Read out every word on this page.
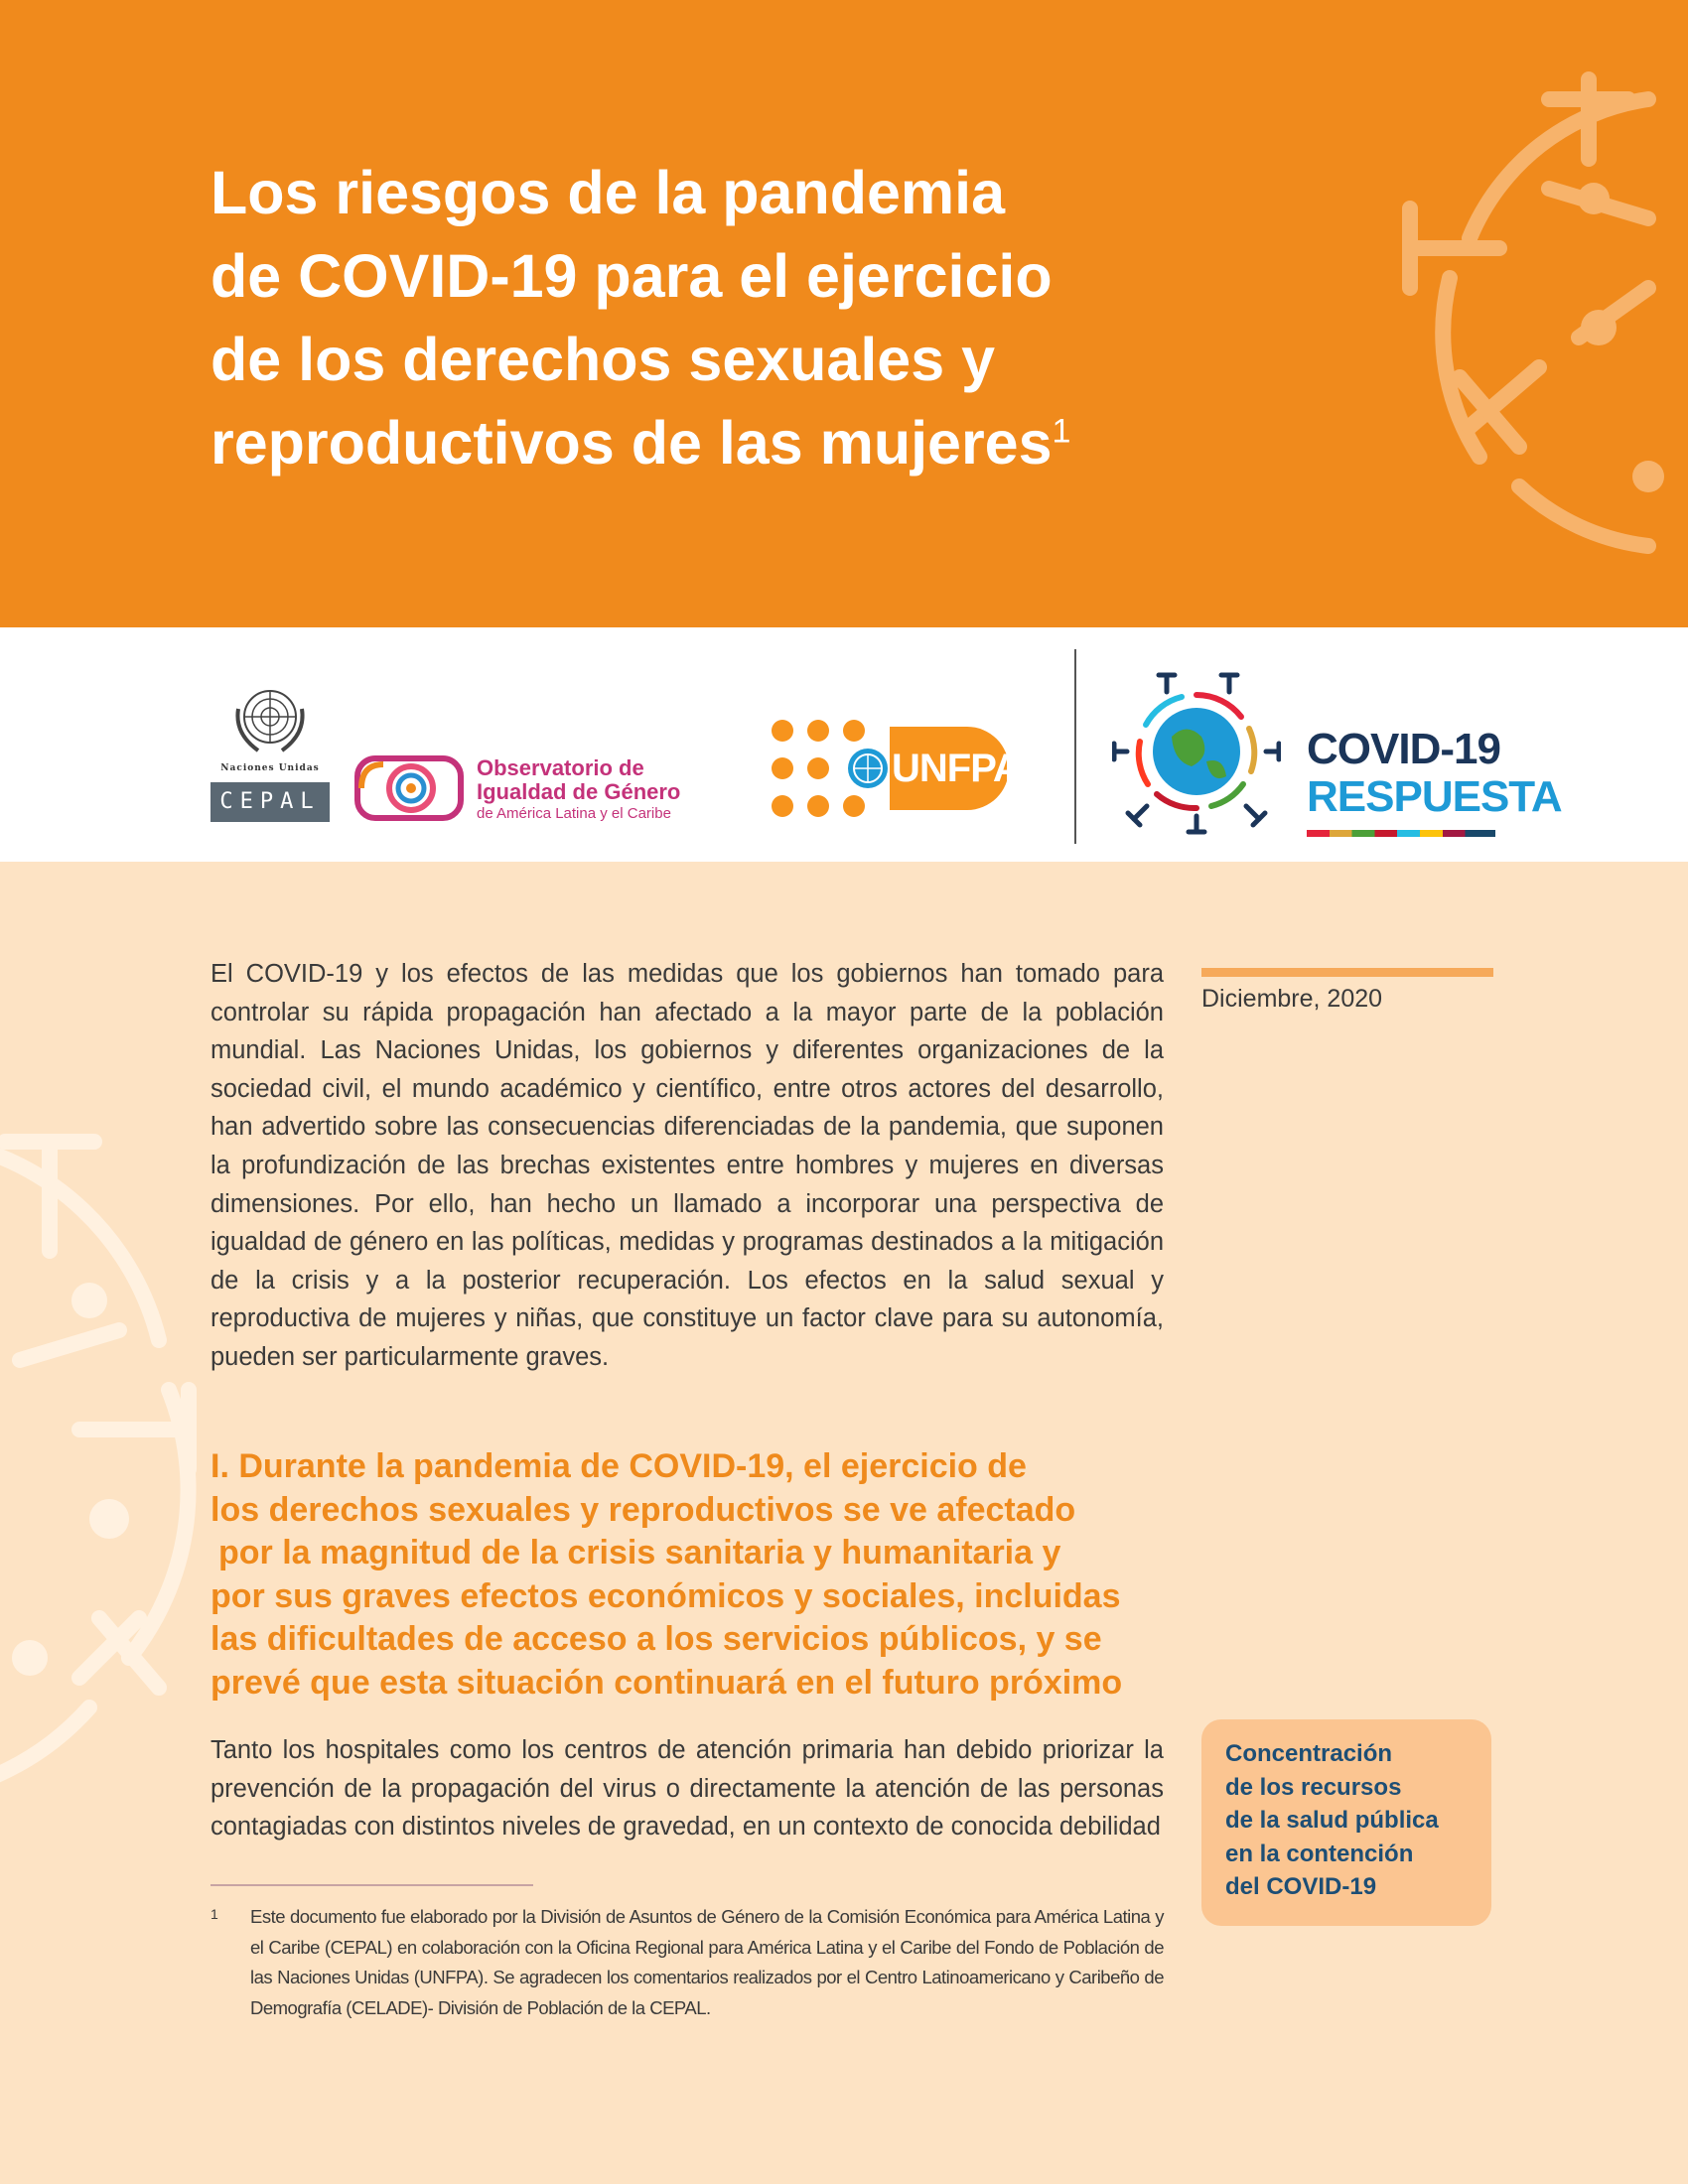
Los riesgos de la pandemia
de COVID-19 para el ejercicio
de los derechos sexuales y
reproductivos de las mujeres$^1$
Naciones Unidas
CEPAL
Observatorio de
Igualdad de Género
de América Latina y el Caribe
UNFPA	COVID-19
RESPUESTA

El COVID-19 y los efectos de las medidas que los gobiernos han tomado para controlar su rápida propagación han afectado a la mayor parte de la población mundial. Las Naciones Unidas, los gobiernos y diferentes organizaciones de la sociedad civil, el mundo académico y científico, entre otros actores del desarrollo, han advertido sobre las consecuencias diferenciadas de la pandemia, que suponen la profundización de las brechas existentes entre hombres y mujeres en diversas dimensiones. Por ello, han hecho un llamado a incorporar una perspectiva de igualdad de género en las políticas, medidas y programas destinados a la mitigación de la crisis y a la posterior recuperación. Los efectos en la salud sexual y reproductiva de mujeres y niñas, que constituye un factor clave para su autonomía, pueden ser particularmente graves.

Diciembre, 2020
I. Durante la pandemia de COVID-19, el ejercicio de
los derechos sexuales y reproductivos se ve afectado
por la magnitud de la crisis sanitaria y humanitaria y
por sus graves efectos económicos y sociales, incluidas
las dificultades de acceso a los servicios públicos, y se
prevé que esta situación continuará en el futuro próximo

Tanto los hospitales como los centros de atención primaria han debido priorizar la prevención de la propagación del virus o directamente la atención de las personas contagiadas con distintos niveles de gravedad, en un contexto de conocida debilidad

Concentración
de los recursos
de la salud pública
en la contención
del COVID-19
1 Este documento fue elaborado por la División de Asuntos de Género de la Comisión Económica para América Latina y el Caribe (CEPAL) en colaboración con la Oficina Regional para América Latina y el Caribe del Fondo de Población de las Naciones Unidas (UNFPA). Se agradecen los comentarios realizados por el Centro Latinoamericano y Caribeño de Demografía (CELADE)- División de Población de la CEPAL.
